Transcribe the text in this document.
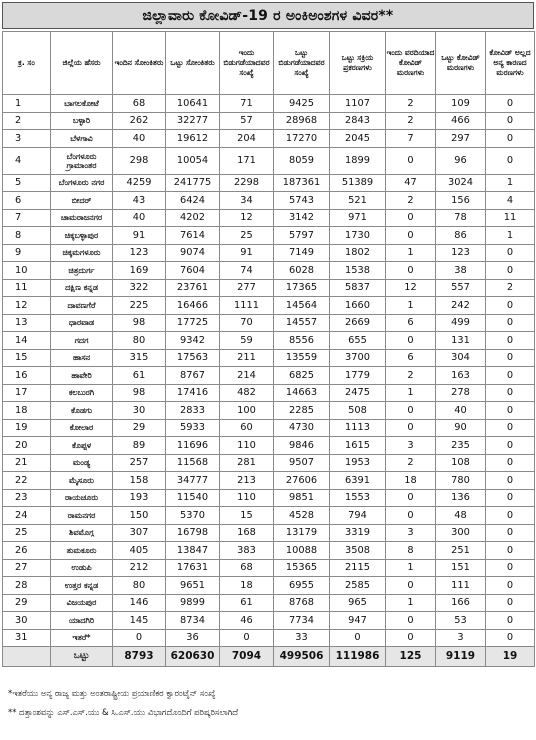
ಜಿಲ್ಲಾವಾರು ಕೋವಿಡ್-19 ರ ಅಂಕಿಅಂಶಗಳ ವಿವರ**
ಕ್ರ. ಸಂ	ಜಿಲ್ಲೆಯ ಹೆಸರು	ಇಂದಿನ ಸೋಂಕಿತರು	ಒಟ್ಟು ಸೋಂಕಿತರು	ಇಂದು ಬಿಡುಗಡೆಯಾದವರ ಸಂಖ್ಯೆ	ಒಟ್ಟು ಬಿಡುಗಡೆಯಾದವರ ಸಂಖ್ಯೆ	ಒಟ್ಟು ಸಕ್ರಿಯ ಪ್ರಕರಣಗಳು	ಇಂದು ವರದಿಯಾದ ಕೋವಿಡ್ ಮರಣಗಳು	ಒಟ್ಟು ಕೋವಿಡ್ ಮರಣಗಳು	ಕೋವಿಡ್ ಅಲ್ಲದ ಅನ್ಯ ಕಾರಣದ ಮರಣಗಳು
1	ಬಾಗಲಕೋಟೆ	68	10641	71	9425	1107	2	109	0
2	ಬಳ್ಳಾರಿ	262	32277	57	28968	2843	2	466	0
3	ಬೆಳಗಾವಿ	40	19612	204	17270	2045	7	297	0
4	ಬೆಂಗಳೂರು ಗ್ರಾಮಾಂತರ	298	10054	171	8059	1899	0	96	0
5	ಬೆಂಗಳೂರು ನಗರ	4259	241775	2298	187361	51389	47	3024	1
6	ಬೀದರ್	43	6424	34	5743	521	2	156	4
7	ಚಾಮರಾಜನಗರ	40	4202	12	3142	971	0	78	11
8	ಚಿಕ್ಕಬಳ್ಳಾಪುರ	91	7614	25	5797	1730	0	86	1
9	ಚಿಕ್ಕಮಗಳೂರು	123	9074	91	7149	1802	1	123	0
10	ಚಿತ್ರದುರ್ಗ	169	7604	74	6028	1538	0	38	0
11	ದಕ್ಷಿಣ ಕನ್ನಡ	322	23761	277	17365	5837	12	557	2
12	ದಾವಣಗೆರೆ	225	16466	1111	14564	1660	1	242	0
13	ಧಾರವಾಡ	98	17725	70	14557	2669	6	499	0
14	ಗದಗ	80	9342	59	8556	655	0	131	0
15	ಹಾಸನ	315	17563	211	13559	3700	6	304	0
16	ಹಾವೇರಿ	61	8767	214	6825	1779	2	163	0
17	ಕಲಬುರಗಿ	98	17416	482	14663	2475	1	278	0
18	ಕೊಡಗು	30	2833	100	2285	508	0	40	0
19	ಕೋಲಾರ	29	5933	60	4730	1113	0	90	0
20	ಕೊಪ್ಪಳ	89	11696	110	9846	1615	3	235	0
21	ಮಂಡ್ಯ	257	11568	281	9507	1953	2	108	0
22	ಮೈಸೂರು	158	34777	213	27606	6391	18	780	0
23	ರಾಯಚೂರು	193	11540	110	9851	1553	0	136	0
24	ರಾಮನಗರ	150	5370	15	4528	794	0	48	0
25	ಶಿವಮೊಗ್ಗ	307	16798	168	13179	3319	3	300	0
26	ತುಮಕೂರು	405	13847	383	10088	3508	8	251	0
27	ಉಡುಪಿ	212	17631	68	15365	2115	1	151	0
28	ಉತ್ತರ ಕನ್ನಡ	80	9651	18	6955	2585	0	111	0
29	ವಿಜಯಪುರ	146	9899	61	8768	965	1	166	0
30	ಯಾದಗಿರಿ	145	8734	46	7734	947	0	53	0
31	ಇತರೆ*	0	36	0	33	0	0	3	0
	ಒಟ್ಟು	8793	620630	7094	499506	111986	125	9119	19
*ಇತರೆಯು ಅನ್ಯ ರಾಜ್ಯ ಮತ್ತು ಅಂತರಾಷ್ಟ್ರೀಯ ಪ್ರಯಾಣಿಕರ ಕ್ವಾರಂಟೈನ್ ಸಂಖ್ಯೆ
** ದತ್ತಾಂಶವನ್ನು ಎಸ್.ಎಸ್.ಯು & ಸಿ.ಎಸ್.ಯು ವಿಭಾಗದೊಂದಿಗೆ ಪರಿಷ್ಕರಿಸಲಾಗಿದೆ
